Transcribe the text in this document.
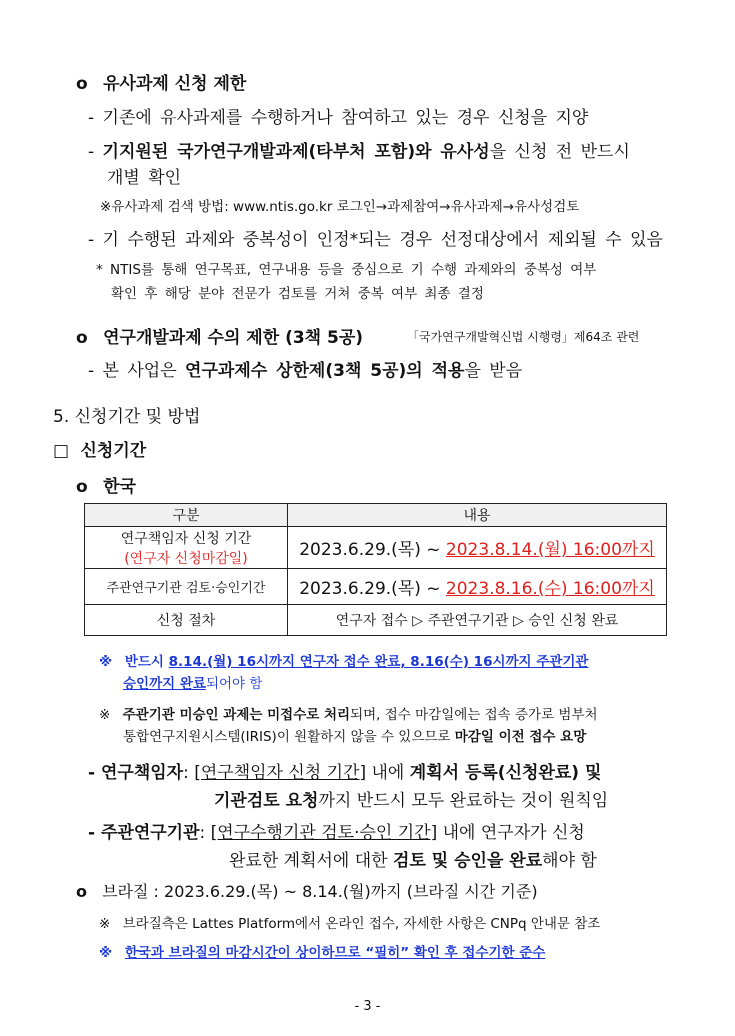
ο 유사과제 신청 제한
- 기존에 유사과제를 수행하거나 참여하고 있는 경우 신청을 지양
- 기지원된 국가연구개발과제(타부처 포함)와 유사성을 신청 전 반드시
개별 확인
※유사과제 검색 방법: www.ntis.go.kr 로그인→과제참여→유사과제→유사성검토
- 기 수행된 과제와 중복성이 인정*되는 경우 선정대상에서 제외될 수 있음
* NTIS를 통해 연구목표, 연구내용 등을 중심으로 기 수행 과제와의 중복성 여부
확인 후 해당 분야 전문가 검토를 거쳐 중복 여부 최종 결정
ο 연구개발과제 수의 제한 (3책 5공)	「국가연구개발혁신법 시행령」제64조 관련
- 본 사업은 연구과제수 상한제(3책 5공)의 적용을 받음
5. 신청기간 및 방법
□ 신청기간
ο 한국
구분	내용

연구책임자 신청 기간
(연구자 신청마감일)	2023.6.29.(목) ~ 2023.8.14.(월) 16:00까지
주관연구기관 검토·승인기간	2023.6.29.(목) ~ 2023.8.16.(수) 16:00까지
신청 절차	연구자 접수 ▷ 주관연구기관 ▷ 승인 신청 완료
※ 반드시 8.14.(월) 16시까지 연구자 접수 완료, 8.16(수) 16시까지 주관기관
승인까지 완료되어야 함
※ 주관기관 미승인 과제는 미접수로 처리되며, 접수 마감일에는 접속 증가로 범부처
통합연구지원시스템(IRIS)이 원활하지 않을 수 있으므로 마감일 이전 접수 요망
- 연구책임자: [연구책임자 신청 기간] 내에 계획서 등록(신청완료) 및
기관검토 요청까지 반드시 모두 완료하는 것이 원칙임
- 주관연구기관: [연구수행기관 검토·승인 기간] 내에 연구자가 신청
완료한 계획서에 대한 검토 및 승인을 완료해야 함
ο 브라질 : 2023.6.29.(목) ~ 8.14.(월)까지 (브라질 시간 기준)
※ 브라질측은 Lattes Platform에서 온라인 접수, 자세한 사항은 CNPq 안내문 참조
※ 한국과 브라질의 마감시간이 상이하므로 “필히” 확인 후 접수기한 준수
- 3 -
